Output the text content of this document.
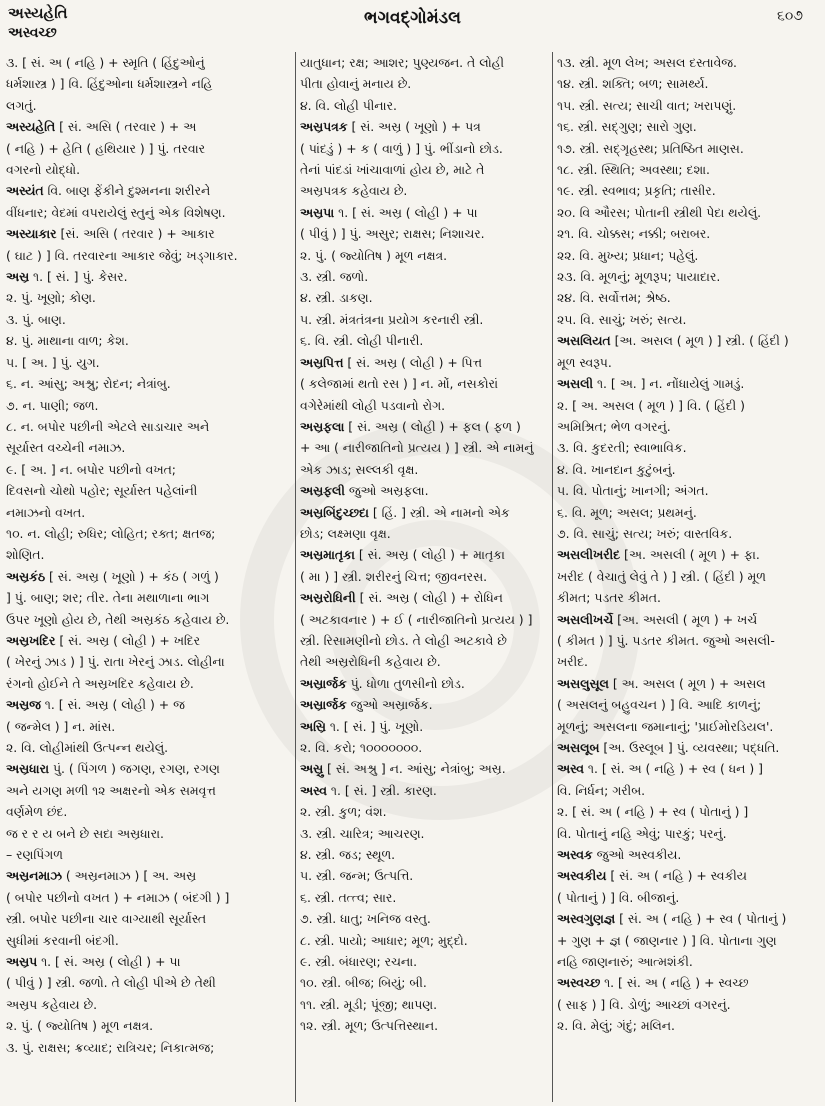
અસ્યહેતિ
અસ્વચ્છ
ભગવદ્ગોમંડલ	૬૦૭
૩. [ સં. અ ( નહિ ) + સ્મૃતિ ( હિંદુઓનું
ધર્મશાસ્ત્ર ) ] વિ. હિંદુઓના ધર્મશાસ્ત્રને નહિ
લગતું.
અસ્યહેતિ [ સં. અસિ ( તરવાર ) + અ
( નહિ ) + હેતિ ( હથિયાર ) ] પું. તરવાર
વગરનો યોદ્ધો.
અસ્યંત વિ. બાણ ફેંકીને દુશ્મનના શરીરને
વીંધનાર; વેદમાં વપરાયેલું સ્તુનું એક વિશેષણ.
અસ્યાકાર [સં. અસિ ( તરવાર ) + આકાર
( ઘાટ ) ] વિ. તરવારના આકાર જેવું; ખડ્ગાકાર.
અસ્ર ૧. [ સં. ] પું. કેસર.
૨. પું. ખૂણો; કોણ.
૩. પું. બાણ.
૪. પું. માથાના વાળ; કેશ.
૫. [ અ. ] પું. યુગ.
૬. ન. આંસુ; અશ્રુ; રોદન; નેત્રાંબુ.
૭. ન. પાણી; જળ.
૮. ન. બપોર પછીની એટલે સાડાચાર અને
સૂર્યાસ્ત વચ્ચેની નમાઝ.
૯. [ અ. ] ન. બપોર પછીનો વખત;
દિવસનો ચોથો પહોર; સૂર્યાસ્ત પહેલાંની
નમાઝનો વખત.
૧૦. ન. લોહી; રુધિર; લોહિત; રક્ત; ક્ષતજ;
શોણિત.
અસ્રકંઠ [ સં. અસ્ર ( ખૂણો ) + કંઠ ( ગળું )
] પું. બાણ; શર; તીર. તેના મથાળાના ભાગ
ઉપર ખૂણો હોય છે, તેથી અસ્રકંઠ કહેવાય છે.
અસ્રખદિર [ સં. અસ્ર ( લોહી ) + ખદિર
( ખેરનું ઝાડ ) ] પું. રાતા ખેરનું ઝાડ. લોહીના
રંગનો હોઈને તે અસ્રખદિર કહેવાય છે.
અસ્રજ ૧. [ સં. અસ્ર ( લોહી ) + જ
( જન્મેલ ) ] ન. માંસ.
૨. વિ. લોહીમાંથી ઉત્પન્ન થયેલું.
અસ્રધારા પું. ( પિંગળ ) જગણ, રગણ, રગણ
અને યગણ મળી ૧૨ અક્ષરનો એક સમવૃત્ત
વર્ણમેળ છંદ.
જ ર ર ય બને છે સદા અસ્રધારા.
– રણપિંગળ
અસ્રનમાઝ ( અસ્રનમાઝ ) [ અ. અસ્ર
( બપોર પછીનો વખત ) + નમાઝ ( બંદગી ) ]
સ્ત્રી. બપોર પછીના ચાર વાગ્યાથી સૂર્યાસ્ત
સુધીમાં કરવાની બંદગી.
અસ્રપ ૧. [ સં. અસ્ર ( લોહી ) + પા
( પીવું ) ] સ્ત્રી. જળો. તે લોહી પીએ છે તેથી
અસ્રપ કહેવાય છે.
૨. પું. ( જ્યોતિષ ) મૂળ નક્ષત્ર.
૩. પું. રાક્ષસ; ક્રવ્યાદ; રાત્રિચર; નિકાત્મજ;
યાતુધાન; રક્ષ; આશર; પુણ્યજન. તે લોહી
પીતા હોવાનું મનાય છે.
૪. વિ. લોહી પીનાર.
અસ્રપત્રક [ સં. અસ્ર ( ખૂણો ) + પત્ર
( પાંદડું ) + ક ( વાળું ) ] પું. ભીંડાનો છોડ.
તેનાં પાંદડાં ખાંચાવાળાં હોય છે, માટે તે
અસ્રપત્રક કહેવાય છે.
અસ્રપા ૧. [ સં. અસ્ર ( લોહી ) + પા
( પીવું ) ] પું. અસુર; રાક્ષસ; નિશાચર.
૨. પું. ( જ્યોતિષ ) મૂળ નક્ષત્ર.
૩. સ્ત્રી. જળો.
૪. સ્ત્રી. ડાકણ.
૫. સ્ત્રી. મંત્રતંત્રના પ્રયોગ કરનારી સ્ત્રી.
૬. વિ. સ્ત્રી. લોહી પીનારી.
અસ્રપિત્ત [ સં. અસ્ર ( લોહી ) + પિત્ત
( કલેજામાં થતો રસ ) ] ન. મોં, નસકોરાં
વગેરેમાંથી લોહી પડવાનો રોગ.
અસ્રફલા [ સં. અસ્ર ( લોહી ) + ફલ ( ફળ )
+ આ ( નારીજાતિનો પ્રત્યય ) ] સ્ત્રી. એ નામનું
એક ઝાડ; સલ્લકી વૃક્ષ.
અસ્રફલી જુઓ અસ્રફલા.
અસ્રબિંદુચ્છદા [ હિં. ] સ્ત્રી. એ નામનો એક
છોડ; લક્ષ્મણા વૃક્ષ.
અસ્રમાતૃકા [ સં. અસ્ર ( લોહી ) + માતૃકા
( મા ) ] સ્ત્રી. શરીરનું ચિત્ત; જીવનરસ.
અસ્રરોધિની [ સં. અસ્ર ( લોહી ) + રોધિન
( અટકાવનાર ) + ઈ ( નારીજાતિનો પ્રત્યય ) ]
સ્ત્રી. રિસામણીનો છોડ. તે લોહી અટકાવે છે
તેથી અસ્રરોધિની કહેવાય છે.
અસ્રાર્જક પું. ધોળા તુળસીનો છોડ.
અસ્રાર્જક જુઓ અસ્રાર્જક.
અસ્રિ ૧. [ સં. ] પું. ખૂણો.
૨. વિ. કરો; ૧૦૦૦૦૦૦૦.
અસ્રુ [ સં. અશ્રુ ] ન. આંસુ; નેત્રાંબુ; અસ્ર.
અસ્વ ૧. [ સં. ] સ્ત્રી. કારણ.
૨. સ્ત્રી. કુળ; વંશ.
૩. સ્ત્રી. ચારિત્ર; આચરણ.
૪. સ્ત્રી. જડ; સ્થૂળ.
૫. સ્ત્રી. જન્મ; ઉત્પત્તિ.
૬. સ્ત્રી. તત્ત્વ; સાર.
૭. સ્ત્રી. ધાતુ; ખનિજ વસ્તુ.
૮. સ્ત્રી. પાયો; આધાર; મૂળ; મુદ્દો.
૯. સ્ત્રી. બંધારણ; રચના.
૧૦. સ્ત્રી. બીજ; બિયું; બી.
૧૧. સ્ત્રી. મૂડી; પૂંજી; થાપણ.
૧૨. સ્ત્રી. મૂળ; ઉત્પત્તિસ્થાન.
૧૩. સ્ત્રી. મૂળ લેખ; અસલ દસ્તાવેજ.
૧૪. સ્ત્રી. શક્તિ; બળ; સામર્થ્ય.
૧૫. સ્ત્રી. સત્ય; સાચી વાત; ખરાપણું.
૧૬. સ્ત્રી. સદ્ગુણ; સારો ગુણ.
૧૭. સ્ત્રી. સદ્ગૃહસ્થ; પ્રતિષ્ઠિત માણસ.
૧૮. સ્ત્રી. સ્થિતિ; અવસ્થા; દશા.
૧૯. સ્ત્રી. સ્વભાવ; પ્રકૃતિ; તાસીર.
૨૦. વિ ઔરસ; પોતાની સ્ત્રીથી પેદા થયેલું.
૨૧. વિ. ચોક્કસ; નક્કી; બરાબર.
૨૨. વિ. મુખ્ય; પ્રધાન; પહેલું.
૨૩. વિ. મૂળનું; મૂળરૂપ; પાયાદાર.
૨૪. વિ. સર્વોત્તમ; શ્રેષ્ઠ.
૨૫. વિ. સાચું; ખરું; સત્ય.
અસલિયત [અ. અસલ ( મૂળ ) ] સ્ત્રી. ( હિંદી )
મૂળ સ્વરૂપ.
અસલી ૧. [ અ. ] ન. નોંધાયેલું ગામડું.
૨. [ અ. અસલ ( મૂળ ) ] વિ. ( હિંદી )
અમિશ્રિત; ભેળ વગરનું.
૩. વિ. કુદરતી; સ્વાભાવિક.
૪. વિ. ખાનદાન કુટુંબનું.
૫. વિ. પોતાનું; ખાનગી; અંગત.
૬. વિ. મૂળ; અસલ; પ્રથમનું.
૭. વિ. સાચું; સત્ય; ખરું; વાસ્તવિક.
અસલીખરીદ [અ. અસલી ( મૂળ ) + ફા.
ખરીદ ( વેચાતું લેવું તે ) ] સ્ત્રી. ( હિંદી ) મૂળ
કીમત; પડતર કીમત.
અસલીખર્ચે [અ. અસલી ( મૂળ ) + ખર્ચ
( કીમત ) ] પું. પડતર કીમત. જુઓ અસલી-
ખરીદ.
અસલુસૂલ [ અ. અસલ ( મૂળ ) + અસલ
( અસલનું બહુવચન ) ] વિ. આદિ કાળનું;
મૂળનું; અસલના જમાનાનું; 'પ્રાઈમોરડિયલ'.
અસલૂબ [અ. ઉસ્લૂબ ] પું. વ્યવસ્થા; પદ્ધતિ.
અસ્વ ૧. [ સં. અ ( નહિ ) + સ્વ ( ધન ) ]
વિ. નિર્ધન; ગરીબ.
૨. [ સં. અ ( નહિ ) + સ્વ ( પોતાનું ) ]
વિ. પોતાનું નહિ એવું; પારકું; પરનું.
અસ્વક જુઓ અસ્વકીય.
અસ્વકીય [ સં. અ ( નહિ ) + સ્વકીય
( પોતાનું ) ] વિ. બીજાનું.
અસ્વગુણજ્ઞ [ સં. અ ( નહિ ) + સ્વ ( પોતાનું )
+ ગુણ + જ્ઞ ( જાણનાર ) ] વિ. પોતાના ગુણ
નહિ જાણનારું; આત્મશંકી.
અસ્વચ્છ ૧. [ સં. અ ( નહિ ) + સ્વચ્છ
( સાફ ) ] વિ. ડોળું; આચ્છાં વગરનું.
૨. વિ. મેલું; ગંદું; મલિન.
